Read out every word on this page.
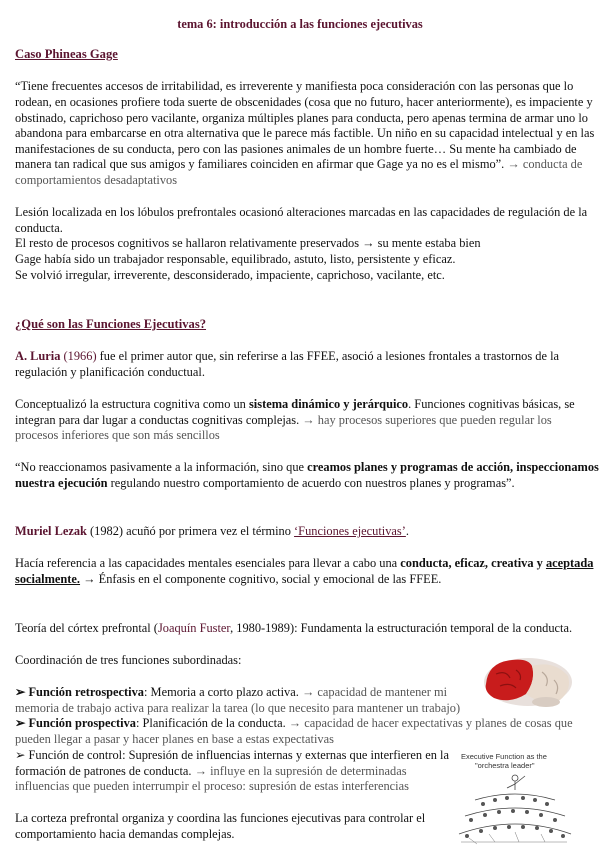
tema 6: introducción a las funciones ejecutivas
Caso Phineas Gage
“Tiene frecuentes accesos de irritabilidad, es irreverente y manifiesta poca consideración con las personas que lo
rodean, en ocasiones profiere toda suerte de obscenidades (cosa que no futuro, hacer anteriormente), es impaciente y
obstinado, caprichoso pero vacilante, organiza múltiples planes para conducta, pero apenas termina de armar uno lo
abandona para embarcarse en otra alternativa que le parece más factible. Un niño en su capacidad intelectual y en las
manifestaciones de su conducta, pero con las pasiones animales de un hombre fuerte… Su mente ha cambiado de
manera tan radical que sus amigos y familiares coinciden en afirmar que Gage ya no es el mismo”. → conducta de
comportamientos desadaptativos
Lesión localizada en los lóbulos prefrontales ocasionó alteraciones marcadas en las capacidades de regulación de la
conducta.
El resto de procesos cognitivos se hallaron relativamente preservados → su mente estaba bien
Gage había sido un trabajador responsable, equilibrado, astuto, listo, persistente y eficaz.
Se volvió irregular, irreverente, desconsiderado, impaciente, caprichoso, vacilante, etc.
¿Qué son las Funciones Ejecutivas?
A. Luria (1966) fue el primer autor que, sin referirse a las FFEE, asoció a lesiones frontales a trastornos de la
regulación y planificación conductual.
Conceptualizó la estructura cognitiva como un sistema dinámico y jerárquico. Funciones cognitivas básicas, se
integran para dar lugar a conductas cognitivas complejas. → hay procesos superiores que pueden regular los
procesos inferiores que son más sencillos
“No reaccionamos pasivamente a la información, sino que creamos planes y programas de acción, inspeccionamos
nuestra ejecución regulando nuestro comportamiento de acuerdo con nuestros planes y programas”.
Muriel Lezak (1982) acuñó por primera vez el término ‘Funciones ejecutivas’.
Hacía referencia a las capacidades mentales esenciales para llevar a cabo una conducta, eficaz, creativa y aceptada
socialmente. → Énfasis en el componente cognitivo, social y emocional de las FFEE.
Teoría del córtex prefrontal (Joaquín Fuster, 1980-1989): Fundamenta la estructuración temporal de la conducta.
Coordinación de tres funciones subordinadas:
➢ Función retrospectiva: Memoria a corto plazo activa. → capacidad de mantener mi
memoria de trabajo activa para realizar la tarea (lo que necesito para mantener un trabajo)
➢ Función prospectiva: Planificación de la conducta. → capacidad de hacer expectativas y planes de cosas que
pueden llegar a pasar y hacer planes en base a estas expectativas
➢ Función de control: Supresión de influencias internas y externas que interfieren en la
formación de patrones de conducta. → influye en la supresión de determinadas
influencias que pueden interrumpir el proceso: supresión de estas interferencias
La corteza prefrontal organiza y coordina las funciones ejecutivas para controlar el
comportamiento hacia demandas complejas.
Executive Function as the
"orchestra leader"
